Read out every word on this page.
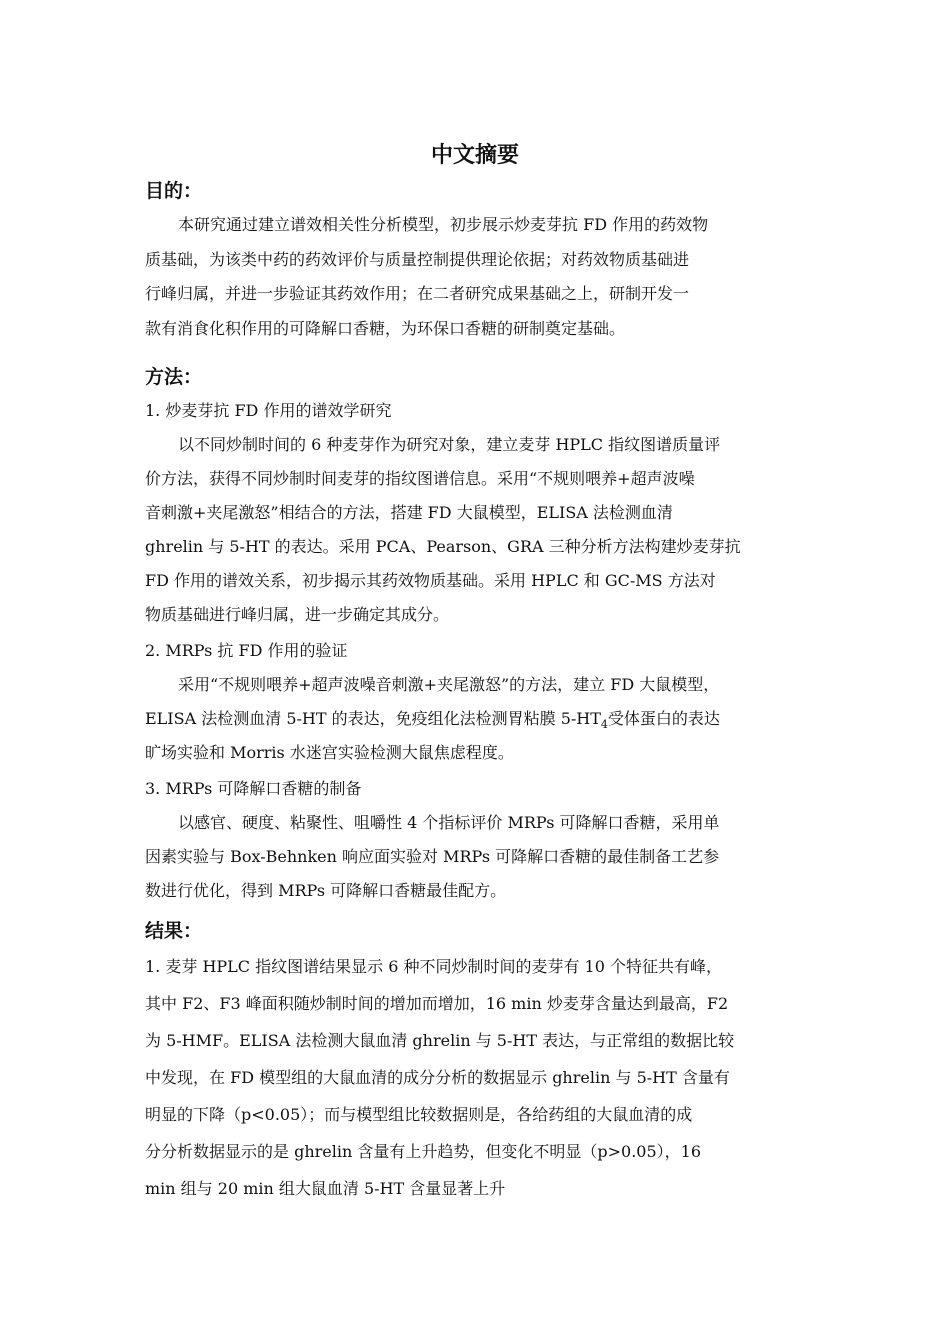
中文摘要
目的：
本研究通过建立谱效相关性分析模型，初步展示炒麦芽抗 FD 作用的药效物
质基础，为该类中药的药效评价与质量控制提供理论依据；对药效物质基础进
行峰归属，并进一步验证其药效作用；在二者研究成果基础之上，研制开发一
款有消食化积作用的可降解口香糖，为环保口香糖的研制奠定基础。
方法：
1. 炒麦芽抗 FD 作用的谱效学研究
以不同炒制时间的 6 种麦芽作为研究对象，建立麦芽 HPLC 指纹图谱质量评
价方法，获得不同炒制时间麦芽的指纹图谱信息。采用“不规则喂养+超声波噪
音刺激+夹尾激怒”相结合的方法，搭建 FD 大鼠模型，ELISA 法检测血清
ghrelin 与 5-HT 的表达。采用 PCA、Pearson、GRA 三种分析方法构建炒麦芽抗
FD 作用的谱效关系，初步揭示其药效物质基础。采用 HPLC 和 GC-MS 方法对
物质基础进行峰归属，进一步确定其成分。
2. MRPs 抗 FD 作用的验证
采用“不规则喂养+超声波噪音刺激+夹尾激怒”的方法，建立 FD 大鼠模型，
ELISA 法检测血清 5-HT 的表达，免疫组化法检测胃粘膜 $5-HT_4$受体蛋白的表达
旷场实验和 Morris 水迷宫实验检测大鼠焦虑程度。
3. MRPs 可降解口香糖的制备
以感官、硬度、粘聚性、咀嚼性 4 个指标评价 MRPs 可降解口香糖，采用单
因素实验与 Box-Behnken 响应面实验对 MRPs 可降解口香糖的最佳制备工艺参
数进行优化，得到 MRPs 可降解口香糖最佳配方。
结果：
1. 麦芽 HPLC 指纹图谱结果显示 6 种不同炒制时间的麦芽有 10 个特征共有峰，
其中 F2、F3 峰面积随炒制时间的增加而增加，16 min 炒麦芽含量达到最高，F2
为 5-HMF。ELISA 法检测大鼠血清 ghrelin 与 5-HT 表达，与正常组的数据比较
中发现，在 FD 模型组的大鼠血清的成分分析的数据显示 ghrelin 与 5-HT 含量有
明显的下降（p<0.05）；而与模型组比较数据则是，各给药组的大鼠血清的成
分分析数据显示的是 ghrelin 含量有上升趋势，但变化不明显（p>0.05），16
min 组与 20 min 组大鼠血清 5-HT 含量显著上升
